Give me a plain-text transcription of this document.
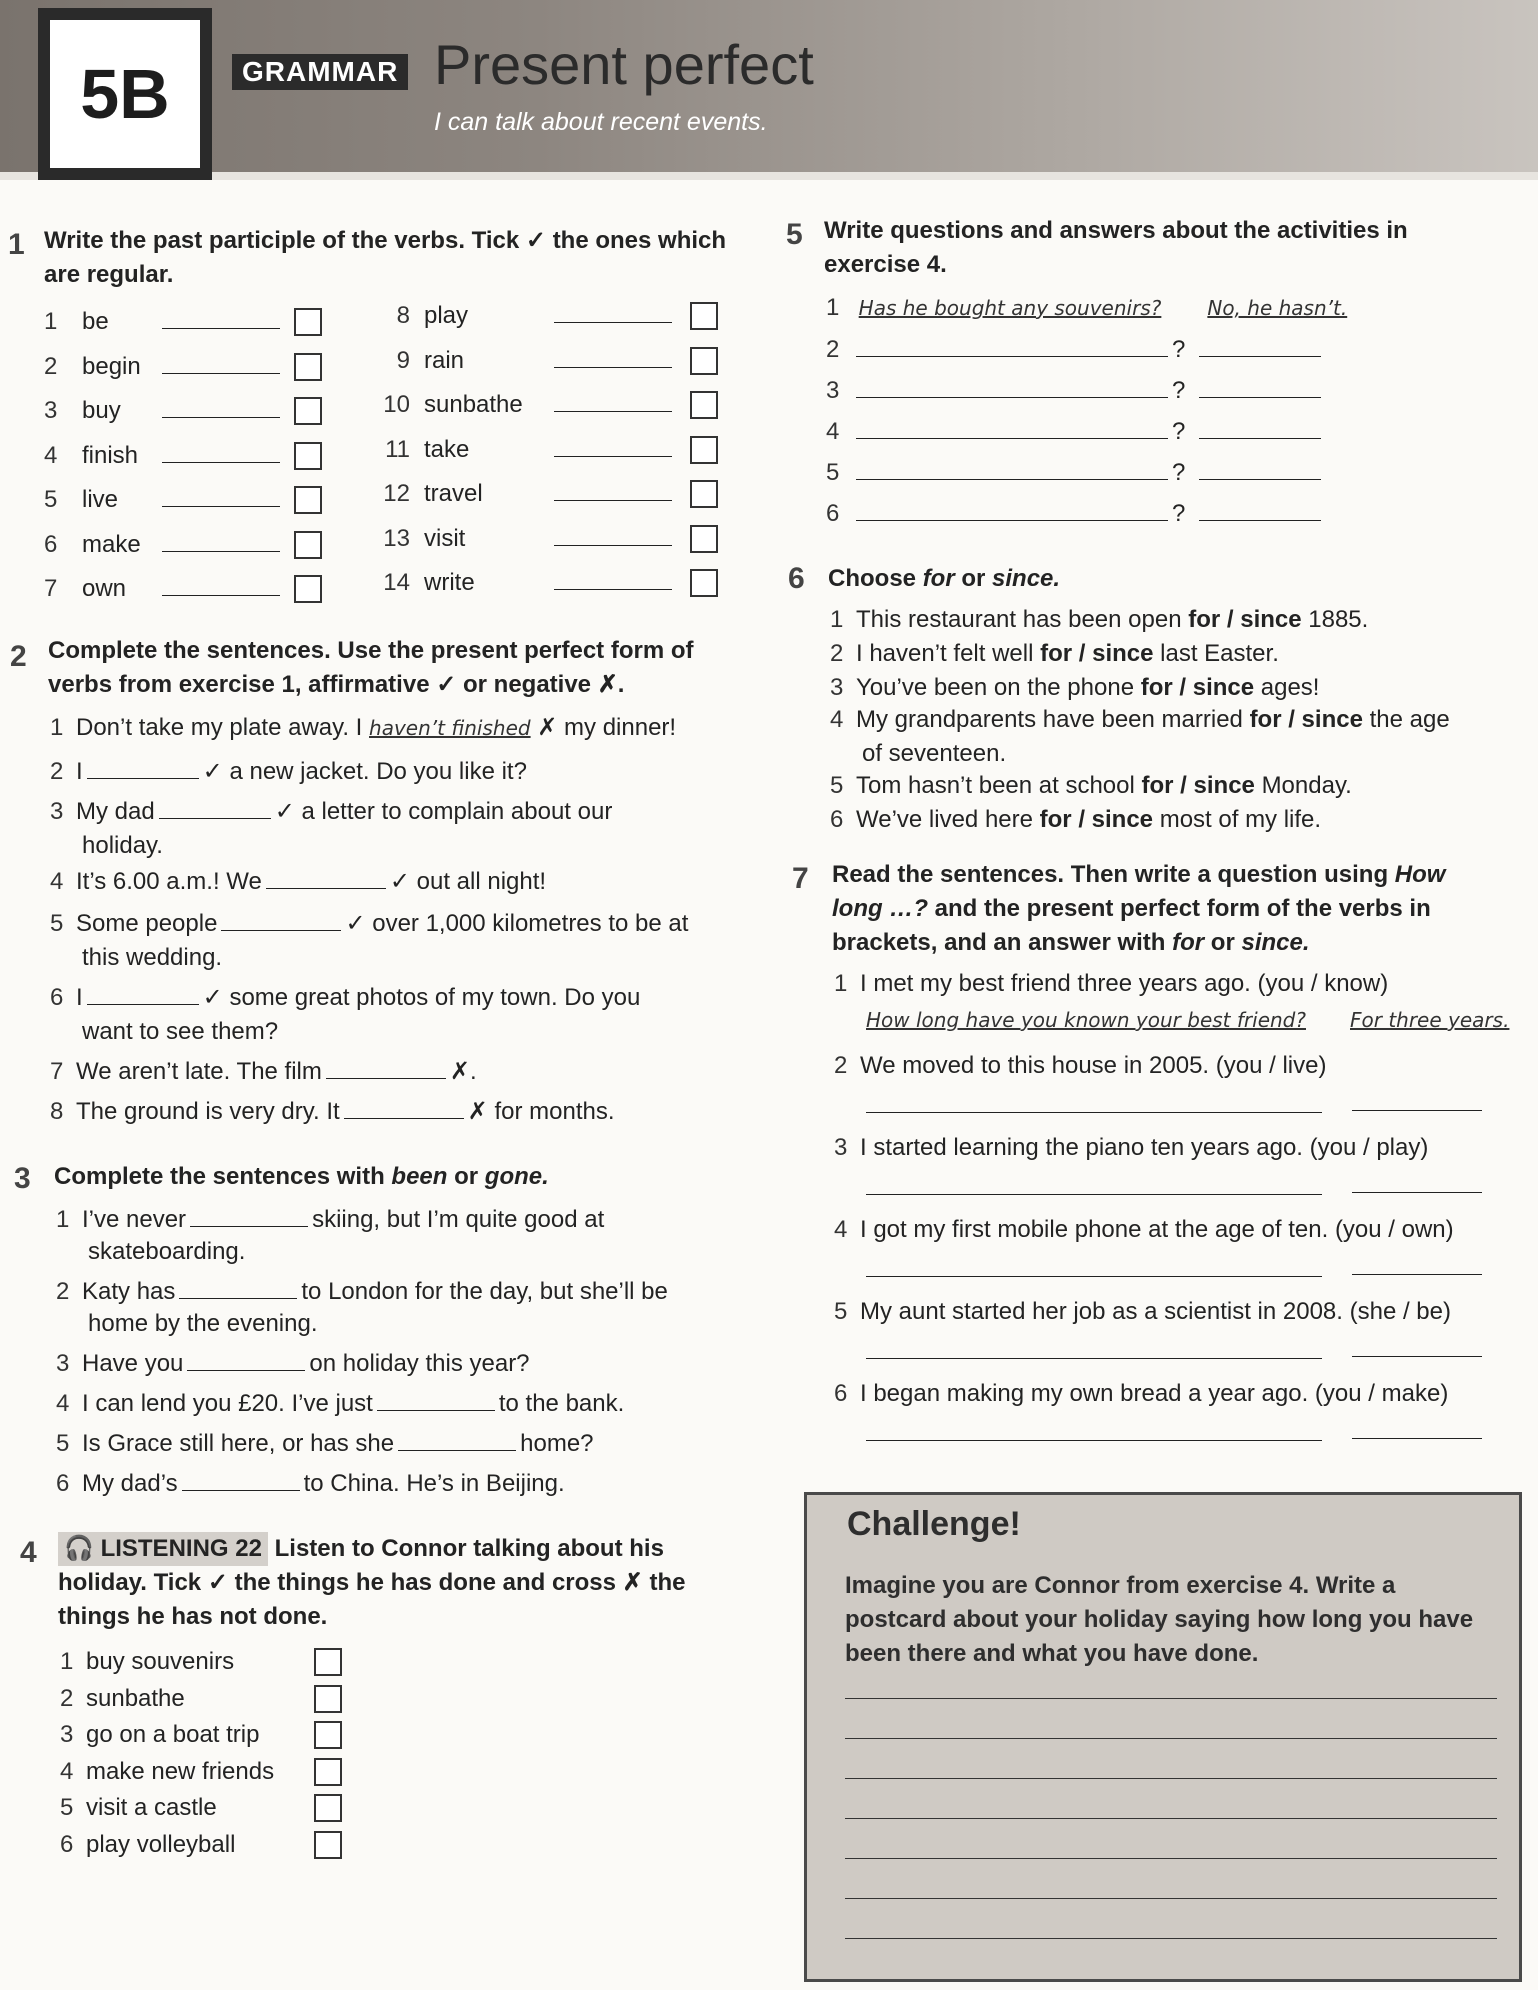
5B	GRAMMAR Present perfect
I can talk about recent events.
1 Write the past participle of the verbs. Tick ✓ the ones which
are regular.
1 be
2 begin
3 buy
4 finish
5 live
6 make
7 own
8 play
9 rain
10 sunbathe
11 take
12 travel
13 visit
14 write
2 Complete the sentences. Use the present perfect form of
verbs from exercise 1, affirmative ✓ or negative ✗.
1 Don’t take my plate away. I haven’t finished ✗ my dinner!
2 I	✓ a new jacket. Do you like it?
3 My dad	✓ a letter to complain about our
holiday.
4 It’s 6.00 a.m.! We	✓ out all night!
5 Some people	✓ over 1,000 kilometres to be at
this wedding.
6 I	✓ some great photos of my town. Do you
want to see them?
7 We aren’t late. The film	✗.
8 The ground is very dry. It	✗ for months.
3 Complete the sentences with been or gone.
1 I’ve never	skiing, but I’m quite good at
skateboarding.
2 Katy has	to London for the day, but she’ll be
home by the evening.
3 Have you	on holiday this year?
4 I can lend you £20. I’ve just	to the bank.
5 Is Grace still here, or has she	home?
6 My dad’s	to China. He’s in Beijing.
4 🎧 LISTENING 22 Listen to Connor talking about his
holiday. Tick ✓ the things he has done and cross ✗ the
things he has not done.
1 buy souvenirs
2 sunbathe
3 go on a boat trip
4 make new friends
5 visit a castle
6 play volleyball
5 Write questions and answers about the activities in
exercise 4.
1 Has he bought any souvenirs? No, he hasn’t.
2	?
3	?
4	?
5	?
6	?
6 Choose for or since.
1 This restaurant has been open for / since 1885.
2 I haven’t felt well for / since last Easter.
3 You’ve been on the phone for / since ages!
4 My grandparents have been married for / since the age
of seventeen.
5 Tom hasn’t been at school for / since Monday.
6 We’ve lived here for / since most of my life.
7 Read the sentences. Then write a question using How
long …? and the present perfect form of the verbs in
brackets, and an answer with for or since.
1 I met my best friend three years ago. (you / know)
How long have you known your best friend? For three years.
2 We moved to this house in 2005. (you / live)
3 I started learning the piano ten years ago. (you / play)
4 I got my first mobile phone at the age of ten. (you / own)
5 My aunt started her job as a scientist in 2008. (she / be)
6 I began making my own bread a year ago. (you / make)
Challenge!
Imagine you are Connor from exercise 4. Write a postcard about your holiday saying how long you have been there and what you have done.
